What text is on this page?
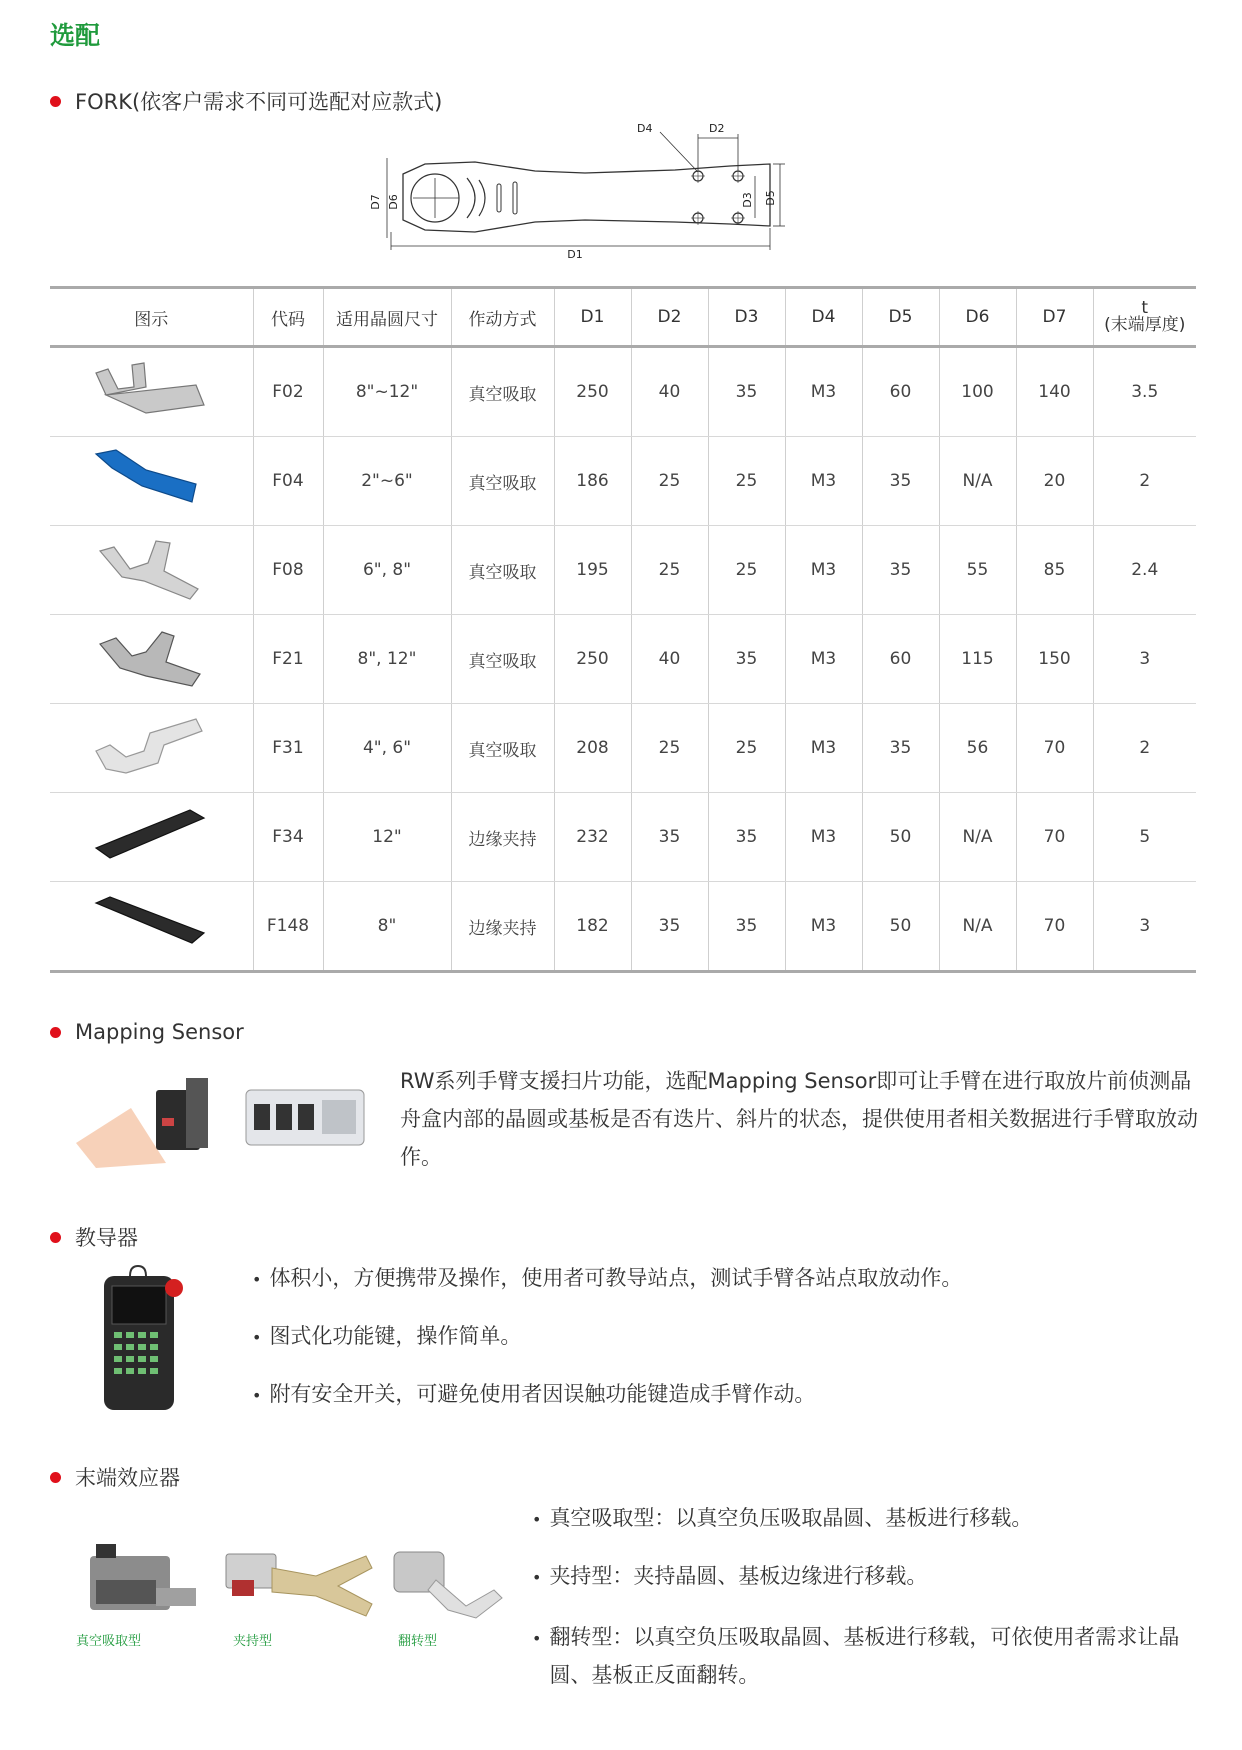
选配
FORK(依客户需求不同可选配对应款式)
D4	D2
D7 D6	D3 D5
D1
图示	代码	适用晶圆尺寸	作动方式	D1	D2	D3	D4	D5	D6	D7	t
(末端厚度)

	F02	8"~12"	真空吸取	250	40	35	M3	60	100	140	3.5
	F04	2"~6"	真空吸取	186	25	25	M3	35	N/A	20	2
	F08	6", 8"	真空吸取	195	25	25	M3	35	55	85	2.4
	F21	8", 12"	真空吸取	250	40	35	M3	60	115	150	3
	F31	4", 6"	真空吸取	208	25	25	M3	35	56	70	2
	F34	12"	边缘夹持	232	35	35	M3	50	N/A	70	5
	F148	8"	边缘夹持	182	35	35	M3	50	N/A	70	3
Mapping Sensor
RW系列手臂支援扫片功能，选配Mapping Sensor即可让手臂在进行取放片前侦测晶舟盒内部的晶圆或基板是否有迭片、斜片的状态，提供使用者相关数据进行手臂取放动作。
教导器
• 体积小，方便携带及操作，使用者可教导站点，测试手臂各站点取放动作。
• 图式化功能键，操作简单。
• 附有安全开关，可避免使用者因误触功能键造成手臂作动。
末端效应器
真空吸取型	夹持型	翻转型
• 真空吸取型：以真空负压吸取晶圆、基板进行移载。
• 夹持型：夹持晶圆、基板边缘进行移载。
• 翻转型：以真空负压吸取晶圆、基板进行移载，可依使用者需求让晶圆、基板正反面翻转。
